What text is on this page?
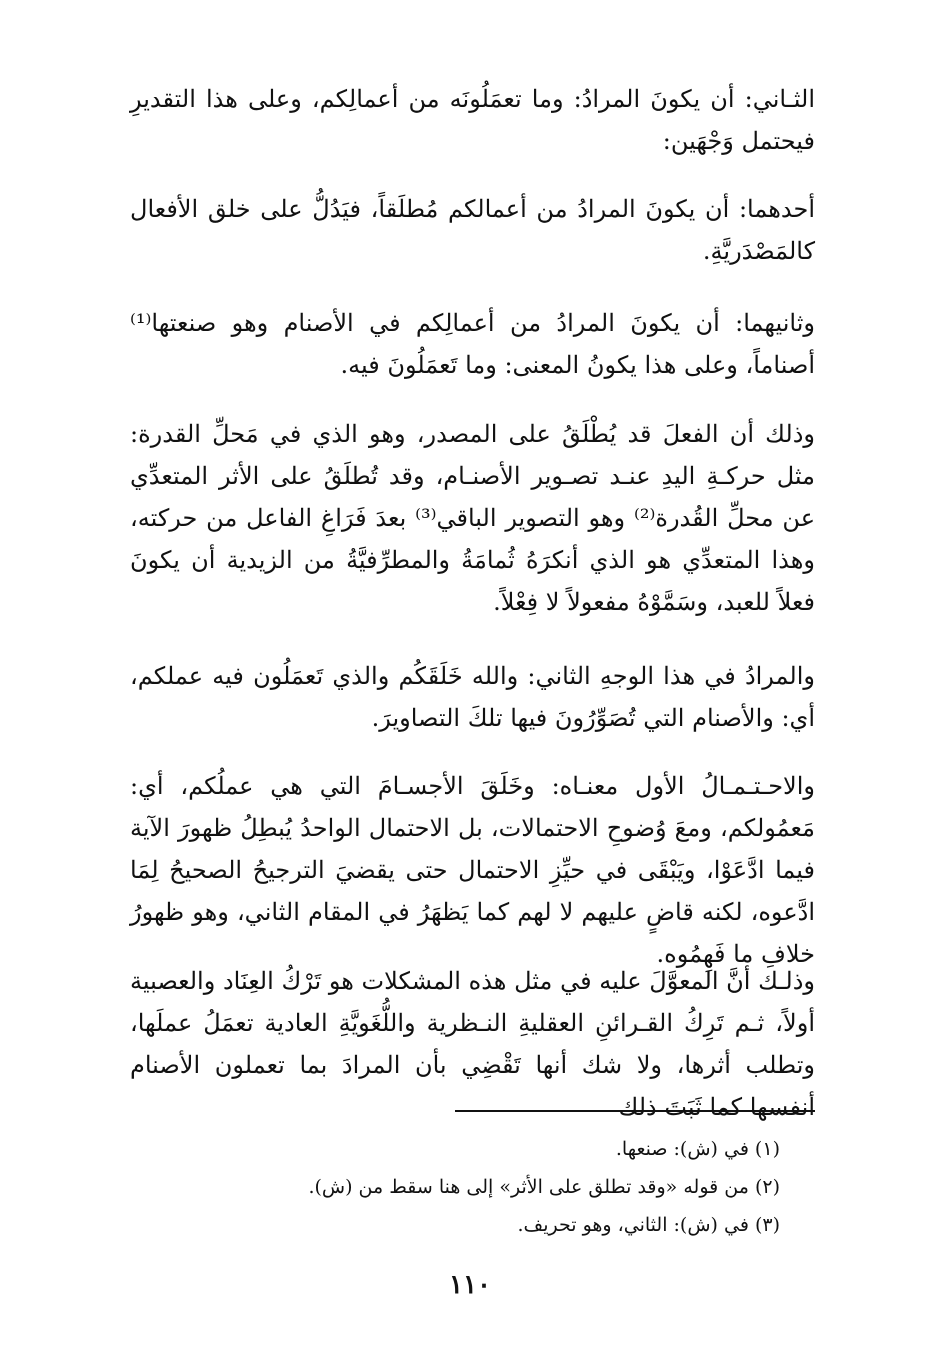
الثـاني: أن يكونَ المرادُ: وما تعمَلُونَه من أعمالِكم، وعلى هذا التقديرِ فيحتمل وَجْهَين:

أحدهما: أن يكونَ المرادُ من أعمالكم مُطلَقاً، فيَدُلُّ على خلق الأفعال كالمَصْدَريَّةِ.

وثانيهما: أن يكونَ المرادُ من أعمالِكم في الأصنام وهو صنعتها⁽¹⁾ أصناماً، وعلى هذا يكونُ المعنى: وما تَعمَلُونَ فيه.

وذلك أن الفعلَ قد يُطْلَقُ على المصدر، وهو الذي في مَحلِّ القدرة: مثل حركـةِ اليدِ عنـد تصـوير الأصنـام، وقد تُطلَقُ على الأثر المتعدِّي عن محلِّ القُدرة⁽²⁾ وهو التصوير الباقي⁽³⁾ بعدَ فَرَاغِ الفاعل من حركته، وهذا المتعدِّي هو الذي أنكرَهُ ثُمامَةُ والمطرِّفيَّةُ من الزيدية أن يكونَ فعلاً للعبد، وسَمَّوْهُ مفعولاً لا فِعْلاً.

والمرادُ في هذا الوجهِ الثاني: والله خَلَقَكُم والذي تَعمَلُون فيه عملكم، أي: والأصنام التي تُصَوِّرُونَ فيها تلكَ التصاويرَ.

والاحـتـمـالُ الأول معنـاه: وخَلَقَ الأجسـامَ التي هي عملُكم، أي: مَعمُولكم، ومعَ وُضوحِ الاحتمالات، بل الاحتمال الواحدُ يُبطِلُ ظهورَ الآية فيما ادَّعَوْا، ويَبْقَى في حيِّزِ الاحتمال حتى يقضيَ الترجيحُ الصحيحُ لِمَا ادَّعوه، لكنه قاضٍ عليهم لا لهم كما يَظهَرُ في المقام الثاني، وهو ظهورُ خلافِ ما فَهِمُوه.

وذلـك أنَّ المعوَّلَ عليه في مثل هذه المشكلات هو تَرْكُ العِنَاد والعصبية أولاً، ثـم تَرِكُ القـرائنِ العقليةِ النـظرية واللُّغَويَّةِ العادية تعمَلُ عملَها، وتطلب أثرها، ولا شك أنها تَقْضِي بأن المرادَ بما تعملون الأصنام أنفسها كما ثَبَتَ ذلك

(١) في (ش): صنعها.
(٢) من قوله «وقد تطلق على الأثر» إلى هنا سقط من (ش).
(٣) في (ش): الثاني، وهو تحريف.
١١٠
